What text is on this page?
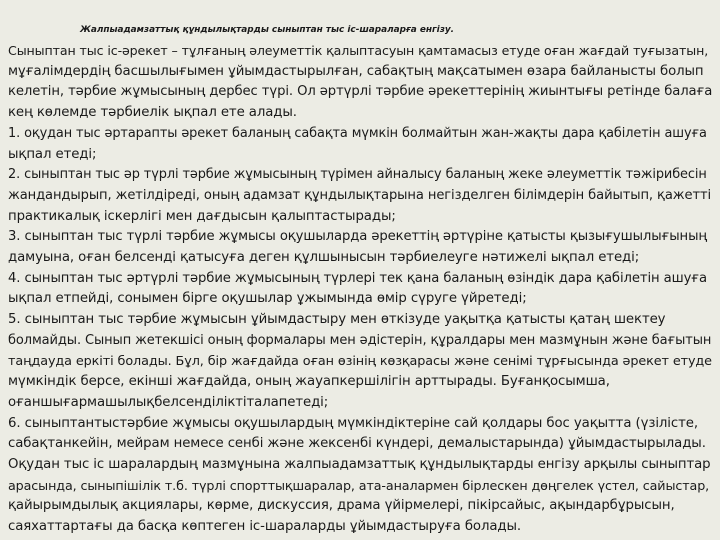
Жалпыадамзаттық құндылықтарды сыныптан тыс іс-шараларға енгізу.

Сыныптан тыс іс-әрекет – тұлғаның әлеуметтік қалыптасуын қамтамасыз етуде оған жағдай туғызатын,

мұғалімдердің басшылығымен ұйымдастырылған, сабақтың мақсатымен өзара байланысты болып

келетін, тәрбие жұмысының дербес түрі. Ол әртүрлі тәрбие әрекеттерінің жиынтығы ретінде балаға

кең көлемде тәрбиелік ықпал ете алады.

1. оқудан тыс әртарапты әрекет баланың сабақта мүмкін болмайтын жан-жақты дара қабілетін ашуға

ықпал етеді;

2. сыныптан тыс әр түрлі тәрбие жұмысының түрімен айналысу баланың жеке әлеуметтік тәжірибесін

жандандырып, жетілдіреді, оның адамзат құндылықтарына негізделген білімдерін байытып, қажетті

практикалық іскерлігі мен дағдысын қалыптастырады;

3. сыныптан тыс түрлі тәрбие жұмысы оқушыларда әрекеттің әртүріне қатысты қызығушылығының

дамуына, оған белсенді қатысуға деген құлшынысын тәрбиелеуге нәтижелі ықпал етеді;

4. сыныптан тыс әртүрлі тәрбие жұмысының түрлері тек қана баланың өзіндік дара қабілетін ашуға

ықпал етпейді, сонымен бірге оқушылар ұжымында өмір сүруге үйретеді;

5. сыныптан тыс тәрбие жұмысын ұйымдастыру мен өткізуде уақытқа қатысты қатаң шектеу

болмайды. Сынып жетекшісі оның формалары мен әдістерін, құралдары мен мазмұнын және бағытын

таңдауда еркіті болады. Бұл, бір жағдайда оған өзінің көзқарасы және сенімі тұрғысында әрекет етуде

мүмкіндік берсе, екінші жағдайда, оның жауапкершілігін арттырады. Буғанқосымша,

оғаншығармашылықбелсенділіктіталапетеді;

6. сыныптантыстәрбие жұмысы оқушылардың мүмкіндіктеріне сай қолдары бос уақытта (үзілісте,

сабақтанкейін, мейрам немесе сенбі және жексенбі күндері, демалыстарында) ұйымдастырылады.

Оқудан тыс іс шаралардың мазмұнына жалпыадамзаттық құндылықтарды енгізу арқылы сыныптар

арасында, сыныпішілік т.б. түрлі спорттықшаралар, ата-аналармен бірлескен дөңгелек үстел, сайыстар,

қайырымдылық акциялары, көрме, дискуссия, драма үйірмелері, пікірсайыс, ақындарбұрысын,

саяхаттартағы да басқа көптеген іс-шараларды ұйымдастыруға болады.
